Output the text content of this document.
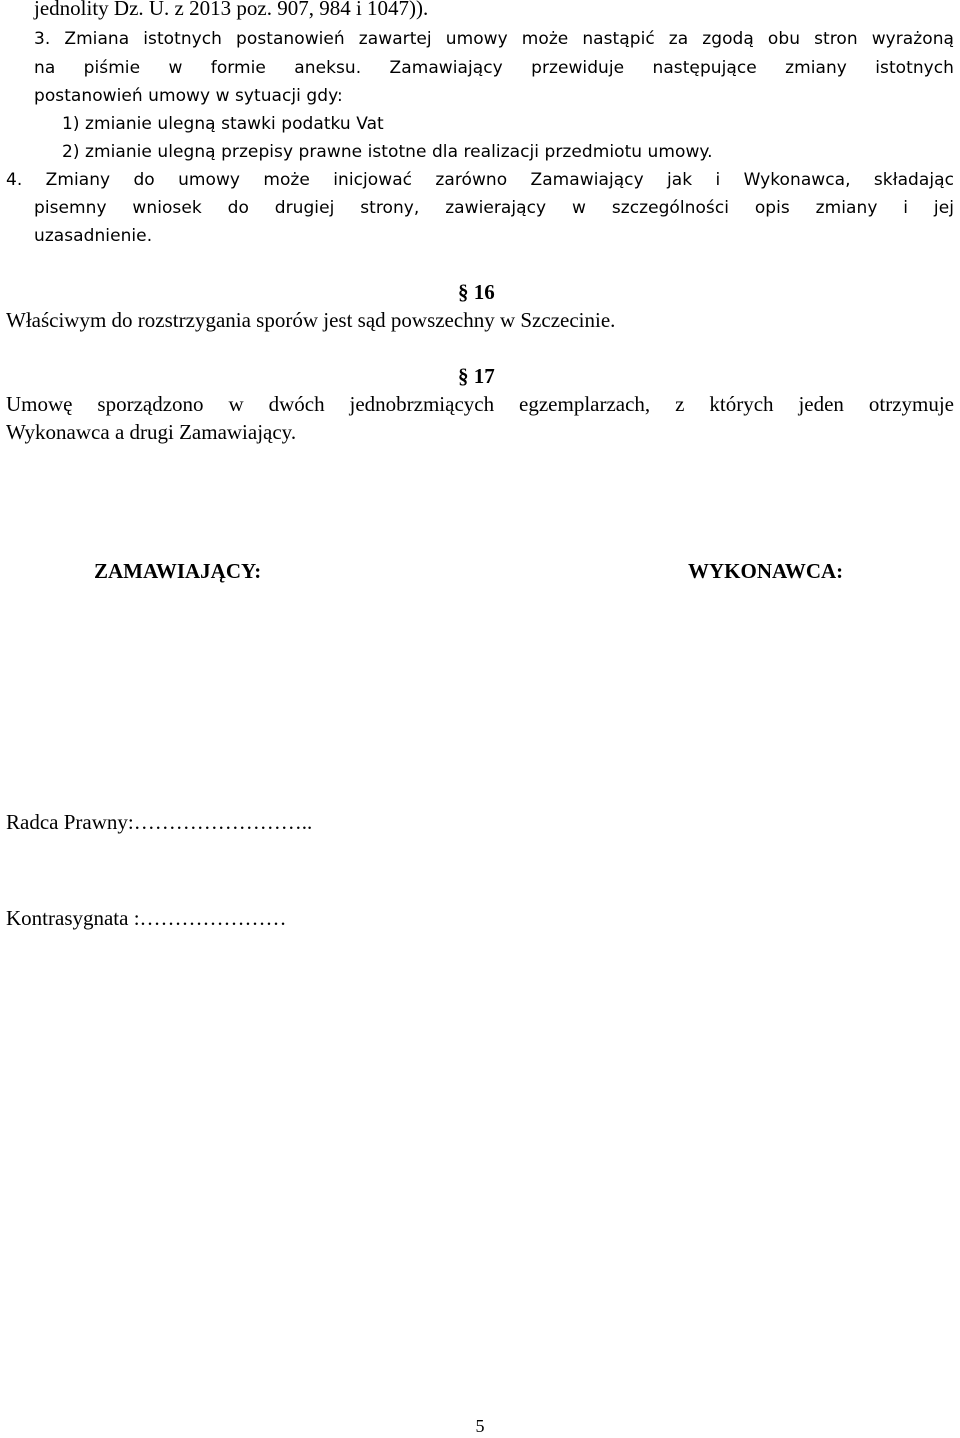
jednolity Dz. U. z 2013 poz. 907, 984 i 1047)).
3. Zmiana istotnych postanowień zawartej umowy może nastąpić za zgodą obu stron wyrażoną
na piśmie w formie aneksu. Zamawiający przewiduje następujące zmiany istotnych
postanowień umowy w sytuacji gdy:
1) zmianie ulegną stawki podatku Vat
2) zmianie ulegną przepisy prawne istotne dla realizacji przedmiotu umowy.
4. Zmiany do umowy może inicjować zarówno Zamawiający jak i Wykonawca, składając
pisemny wniosek do drugiej strony, zawierający w szczególności opis zmiany i jej
uzasadnienie.
§ 16
Właściwym do rozstrzygania sporów jest sąd powszechny w Szczecinie.
§ 17
Umowę sporządzono w dwóch jednobrzmiących egzemplarzach, z których jeden otrzymuje
Wykonawca a drugi Zamawiający.
ZAMAWIAJĄCY:	WYKONAWCA:
Radca Prawny:……………………..
Kontrasygnata :…………………
5
